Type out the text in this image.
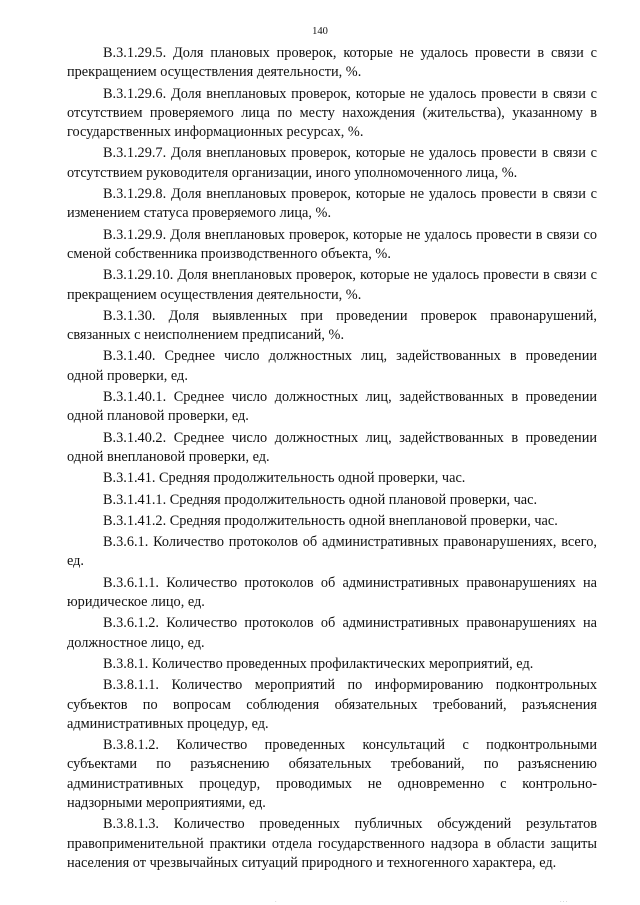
140

В.3.1.29.5. Доля плановых проверок, которые не удалось провести в связи с прекращением осуществления деятельности, %.

В.3.1.29.6. Доля внеплановых проверок, которые не удалось провести в связи с отсутствием проверяемого лица по месту нахождения (жительства), указанному в государственных информационных ресурсах, %.

В.3.1.29.7. Доля внеплановых проверок, которые не удалось провести в связи с отсутствием руководителя организации, иного уполномоченного лица, %.

В.3.1.29.8. Доля внеплановых проверок, которые не удалось провести в связи с изменением статуса проверяемого лица, %.

В.3.1.29.9. Доля внеплановых проверок, которые не удалось провести в связи со сменой собственника производственного объекта, %.

В.3.1.29.10. Доля внеплановых проверок, которые не удалось провести в связи с прекращением осуществления деятельности, %.

В.3.1.30. Доля выявленных при проведении проверок правонарушений, связанных с неисполнением предписаний, %.

В.3.1.40. Среднее число должностных лиц, задействованных в проведении одной проверки, ед.

В.3.1.40.1. Среднее число должностных лиц, задействованных в проведении одной плановой проверки, ед.

В.3.1.40.2. Среднее число должностных лиц, задействованных в проведении одной внеплановой проверки, ед.

В.3.1.41. Средняя продолжительность одной проверки, час.

В.3.1.41.1. Средняя продолжительность одной плановой проверки, час.

В.3.1.41.2. Средняя продолжительность одной внеплановой проверки, час.

В.3.6.1. Количество протоколов об административных правонарушениях, всего, ед.

В.3.6.1.1. Количество протоколов об административных правонарушениях на юридическое лицо, ед.

В.3.6.1.2. Количество протоколов об административных правонарушениях на должностное лицо, ед.

В.3.8.1. Количество проведенных профилактических мероприятий, ед.

В.3.8.1.1. Количество мероприятий по информированию подконтрольных субъектов по вопросам соблюдения обязательных требований, разъяснения административных процедур, ед.

В.3.8.1.2. Количество проведенных консультаций с подконтрольными субъектами по разъяснению обязательных требований, по разъяснению административных процедур, проводимых не одновременно с контрольно-надзорными мероприятиями, ед.

В.3.8.1.3. Количество проведенных публичных обсуждений результатов правоприменительной практики отдела государственного надзора в области защиты населения от чрезвычайных ситуаций природного и техногенного характера, ед.

·	· · ·
